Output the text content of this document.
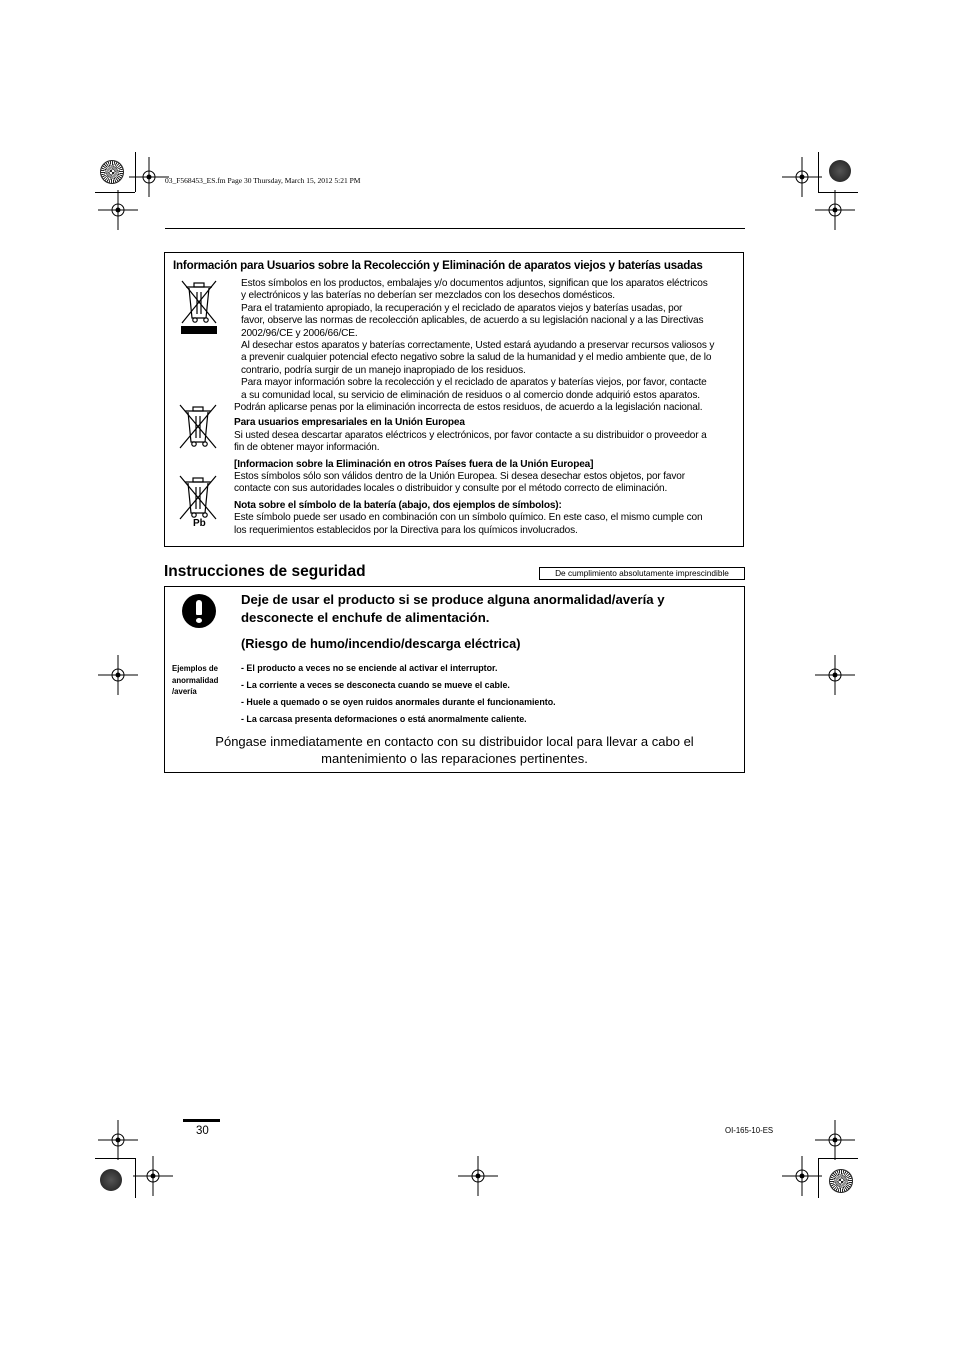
03_F568453_ES.fm Page 30 Thursday, March 15, 2012 5:21 PM
Información para Usuarios sobre la Recolección y Eliminación de aparatos viejos y baterías usadas
Pb

Estos símbolos en los productos, embalajes y/o documentos adjuntos, significan que los aparatos eléctricos

y electrónicos y las baterías no deberían ser mezclados con los desechos domésticos.

Para el tratamiento apropiado, la recuperación y el reciclado de aparatos viejos y baterías usadas, por

favor, observe las normas de recolección aplicables, de acuerdo a su legislación nacional y a las Directivas

2002/96/CE y 2006/66/CE.

Al desechar estos aparatos y baterías correctamente, Usted estará ayudando a preservar recursos valiosos y

a prevenir cualquier potencial efecto negativo sobre la salud de la humanidad y el medio ambiente que, de lo

contrario, podría surgir de un manejo inapropiado de los residuos.

Para mayor información sobre la recolección y el reciclado de aparatos y baterías viejos, por favor, contacte

a su comunidad local, su servicio de eliminación de residuos o al comercio donde adquirió estos aparatos.

Podrán aplicarse penas por la eliminación incorrecta de estos residuos, de acuerdo a la legislación nacional.

Para usuarios empresariales en la Unión Europea

Si usted desea descartar aparatos eléctricos y electrónicos, por favor contacte a su distribuidor o proveedor a

fin de obtener mayor información.

[Informacion sobre la Eliminación en otros Países fuera de la Unión Europea]

Estos símbolos sólo son válidos dentro de la Unión Europea. Si desea desechar estos objetos, por favor

contacte con sus autoridades locales o distribuidor y consulte por el método correcto de eliminación.

Nota sobre el símbolo de la batería (abajo, dos ejemplos de símbolos):

Este símbolo puede ser usado en combinación con un símbolo químico. En este caso, el mismo cumple con

los requerimientos establecidos por la Directiva para los químicos involucrados.

Instrucciones de seguridad	De cumplimiento absolutamente imprescindible
Deje de usar el producto si se produce alguna anormalidad/avería y
desconecte el enchufe de alimentación.
(Riesgo de humo/incendio/descarga eléctrica)
Ejemplos de
anormalidad
/avería
- El producto a veces no se enciende al activar el interruptor.
- La corriente a veces se desconecta cuando se mueve el cable.
- Huele a quemado o se oyen ruidos anormales durante el funcionamiento.
- La carcasa presenta deformaciones o está anormalmente caliente.
Póngase inmediatamente en contacto con su distribuidor local para llevar a cabo el
mantenimiento o las reparaciones pertinentes.
30	OI-165-10-ES
